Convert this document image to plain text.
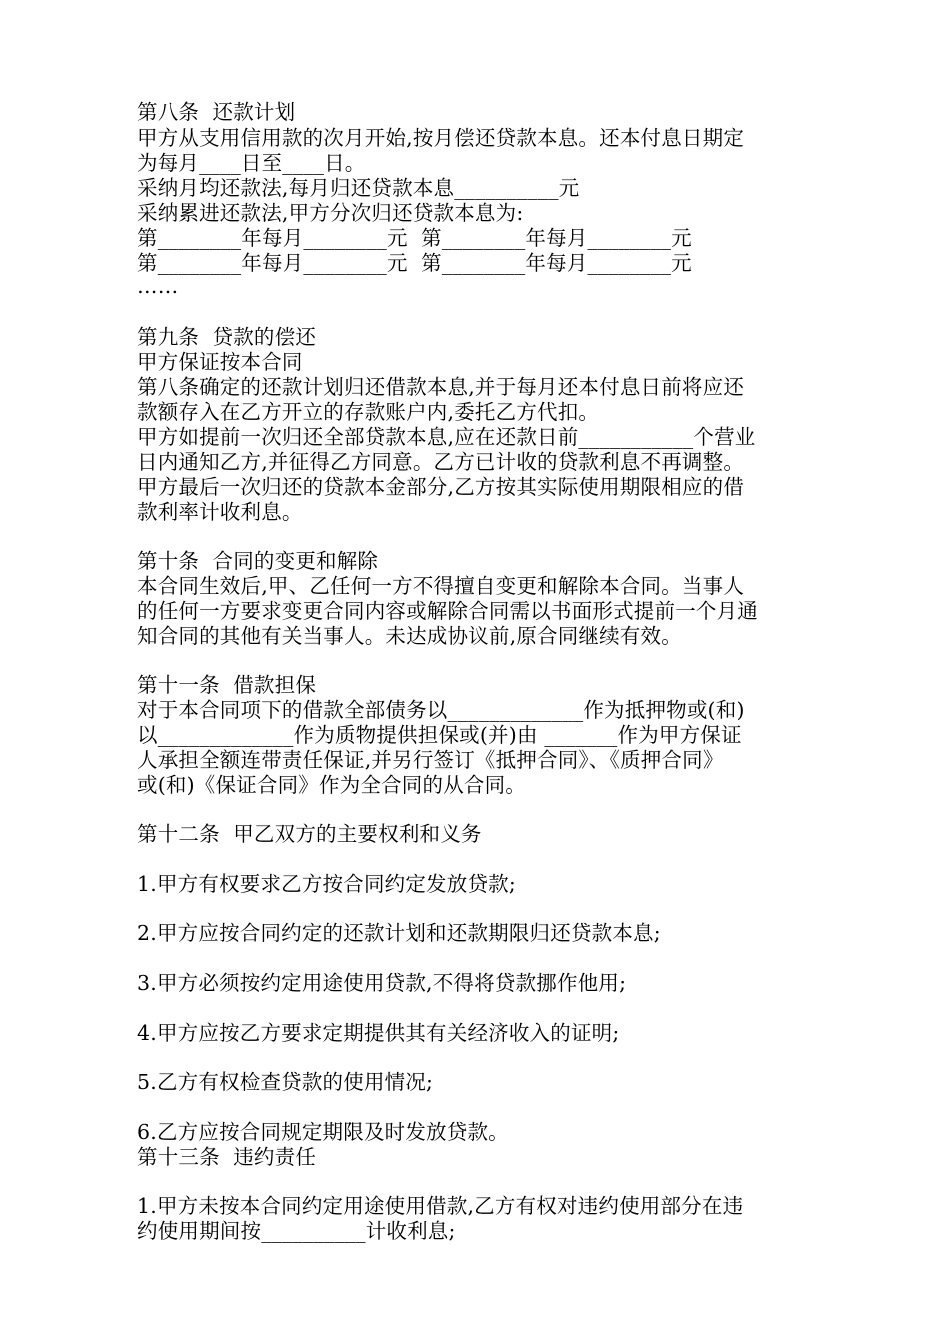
第八条  还款计划
甲方从支用信用款的次月开始,按月偿还贷款本息。还本付息日期定
为每月____日至____日。
采纳月均还款法,每月归还贷款本息__________元
采纳累进还款法,甲方分次归还贷款本息为:
第________年每月________元  第________年每月________元
第________年每月________元  第________年每月________元
……
第九条  贷款的偿还
甲方保证按本合同
第八条确定的还款计划归还借款本息,并于每月还本付息日前将应还
款额存入在乙方开立的存款账户内,委托乙方代扣。
甲方如提前一次归还全部贷款本息,应在还款日前___________个营业
日内通知乙方,并征得乙方同意。乙方已计收的贷款利息不再调整。
甲方最后一次归还的贷款本金部分,乙方按其实际使用期限相应的借
款利率计收利息。
第十条  合同的变更和解除
本合同生效后,甲、乙任何一方不得擅自变更和解除本合同。当事人
的任何一方要求变更合同内容或解除合同需以书面形式提前一个月通
知合同的其他有关当事人。未达成协议前,原合同继续有效。
第十一条  借款担保
对于本合同项下的借款全部债务以_____________作为抵押物或(和)
以_____________作为质物提供担保或(并)由 _______作为甲方保证
人承担全额连带责任保证,并另行签订《抵押合同》、《质押合同》
或(和)《保证合同》作为全合同的从合同。
第十二条  甲乙双方的主要权利和义务
1.甲方有权要求乙方按合同约定发放贷款;
2.甲方应按合同约定的还款计划和还款期限归还贷款本息;
3.甲方必须按约定用途使用贷款,不得将贷款挪作他用;
4.甲方应按乙方要求定期提供其有关经济收入的证明;
5.乙方有权检查贷款的使用情况;
6.乙方应按合同规定期限及时发放贷款。
第十三条  违约责任
1.甲方未按本合同约定用途使用借款,乙方有权对违约使用部分在违
约使用期间按__________计收利息;
